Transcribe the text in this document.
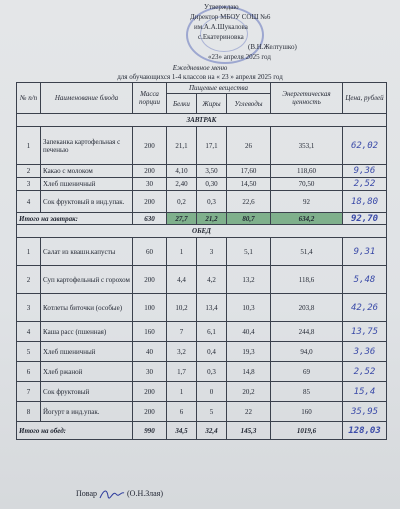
Утверждаю
Директор МБОУ СОШ №6
им.А.А.Шукалова
с.Екатериновка
(В.Н.Желтушко)
«23» апреля 2025 год
Ежедневное меню
для обучающихся 1-4 классов на « 23 » апреля 2025 год
№ п/п	Наименование блюда	Масса порции	Пищевые вещества			Энергетическая ценность	Цена, рублей
			Белки	Жиры	Углеводы		
ЗАВТРАК							
1	Запеканка картофельная с печенью	200	21,1	17,1	26	353,1	62,02
2	Какао с молоком	200	4,10	3,50	17,60	118,60	9,36
3	Хлеб пшеничный	30	2,40	0,30	14,50	70,50	2,52
4	Сок фруктовый в инд.упак.	200	0,2	0,3	22,6	92	18,80
Итого на завтрак:		630	27,7	21,2	80,7	634,2	92,70
ОБЕД							
1	Салат из квашн.капусты	60	1	3	5,1	51,4	9,31
2	Суп картофельный с горохом	200	4,4	4,2	13,2	118,6	5,48
3	Котлеты биточки (особые)	100	10,2	13,4	10,3	203,8	42,26
4	Каша расс (пшенная)	160	7	6,1	40,4	244,8	13,75
5	Хлеб пшеничный	40	3,2	0,4	19,3	94,0	3,36
6	Хлеб ржаной	30	1,7	0,3	14,8	69	2,52
7	Сок фруктовый	200	1	0	20,2	85	15,4
8	Йогурт в инд.упак.	200	6	5	22	160	35,95
Итого на обед:		990	34,5	32,4	145,3	1019,6	128,03
Повар	(О.Н.Злая)
